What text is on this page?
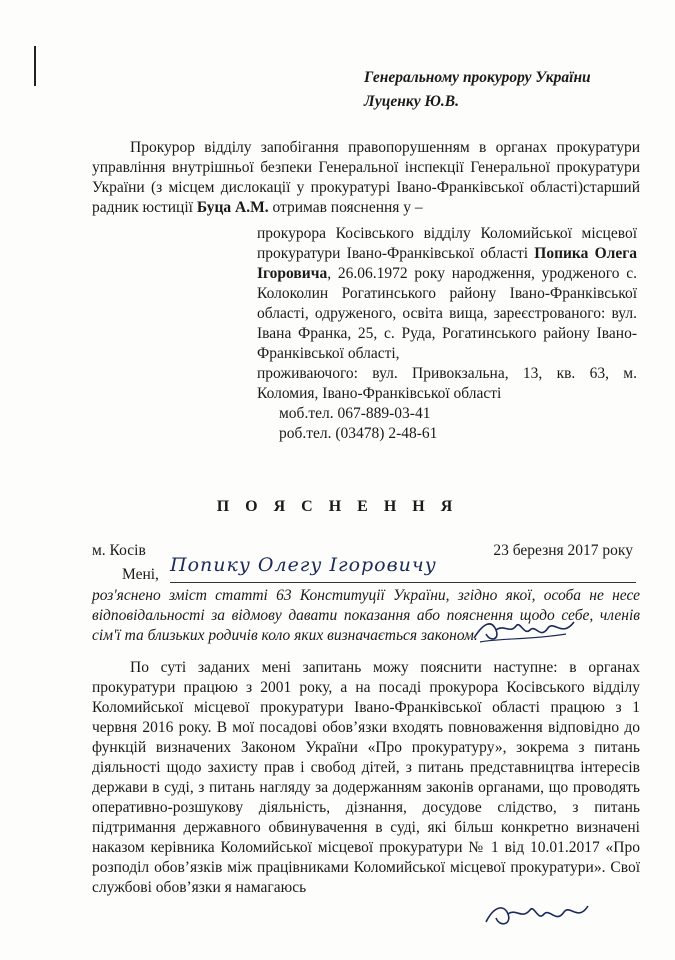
Генеральному прокурору України
Луценку Ю.В.

Прокурор відділу запобігання правопорушенням в органах прокуратури управління внутрішньої безпеки Генеральної інспекції Генеральної прокуратури України (з місцем дислокації у прокуратурі Івано-Франківської області)старший радник юстиції Буца А.М. отримав пояснення у –

прокурора Косівського відділу Коломийської місцевої прокуратури Івано-Франківської області Попика Олега Ігоровича, 26.06.1972 року народження, уродженого с. Колоколин Рогатинського району Івано-Франківської області, одруженого, освіта вища, зареєстрованого: вул. Івана Франка, 25, с. Руда, Рогатинського району Івано-Франківської області,
проживаючого: вул. Привокзальна, 13, кв. 63, м. Коломия, Івано-Франківської області
моб.тел. 067-889-03-41
роб.тел. (03478) 2-48-61
П О Я С Н Е Н Н Я
м. Косів	23 березня 2017 року
Мені, Попику Олегу Ігоровичу
роз'яснено зміст статті 63 Конституції України, згідно якої, особа не несе відповідальності за відмову давати показання або пояснення щодо себе, членів сім'ї та близьких родичів коло яких визначається законом.

По суті заданих мені запитань можу пояснити наступне: в органах прокуратури працюю з 2001 року, а на посаді прокурора Косівського відділу Коломийської місцевої прокуратури Івано-Франківської області працюю з 1 червня 2016 року. В мої посадові обов’язки входять повноваження відповідно до функцій визначених Законом України «Про прокуратуру», зокрема з питань діяльності щодо захисту прав і свобод дітей, з питань представництва інтересів держави в суді, з питань нагляду за додержанням законів органами, що проводять оперативно-розшукову діяльність, дізнання, досудове слідство, з питань підтримання державного обвинувачення в суді, які більш конкретно визначені наказом керівника Коломийської місцевої прокуратури № 1 від 10.01.2017 «Про розподіл обов’язків між працівниками Коломийської місцевої прокуратури». Свої службові обов’язки я намагаюсь
